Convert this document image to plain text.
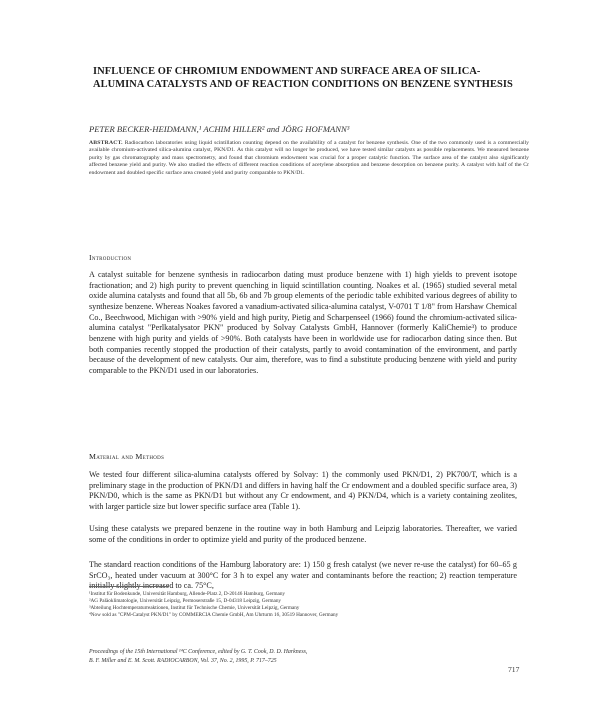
INFLUENCE OF CHROMIUM ENDOWMENT AND SURFACE AREA OF SILICA-ALUMINA CATALYSTS AND OF REACTION CONDITIONS ON BENZENE SYNTHESIS
PETER BECKER-HEIDMANN,¹ ACHIM HILLER² and JÖRG HOFMANN³
ABSTRACT. Radiocarbon laboratories using liquid scintillation counting depend on the availability of a catalyst for benzene synthesis. One of the two commonly used is a commercially available chromium-activated silica-alumina catalyst, PKN/D1. As this catalyst will no longer be produced, we have tested similar catalysts as possible replacements. We measured benzene purity by gas chromatography and mass spectrometry, and found that chromium endowment was crucial for a proper catalytic function. The surface area of the catalyst also significantly affected benzene yield and purity. We also studied the effects of different reaction conditions of acetylene absorption and benzene desorption on benzene purity. A catalyst with half of the Cr endowment and doubled specific surface area created yield and purity comparable to PKN/D1.
Introduction
A catalyst suitable for benzene synthesis in radiocarbon dating must produce benzene with 1) high yields to prevent isotope fractionation; and 2) high purity to prevent quenching in liquid scintillation counting. Noakes et al. (1965) studied several metal oxide alumina catalysts and found that all 5b, 6b and 7b group elements of the periodic table exhibited various degrees of ability to synthesize benzene. Whereas Noakes favored a vanadium-activated silica-alumina catalyst, V-0701 T 1/8" from Harshaw Chemical Co., Beechwood, Michigan with >90% yield and high purity, Pietig and Scharpenseel (1966) found the chromium-activated silica-alumina catalyst "Perlkatalysator PKN" produced by Solvay Catalysts GmbH, Hannover (formerly KaliChemie³) to produce benzene with high purity and yields of >90%. Both catalysts have been in worldwide use for radiocarbon dating since then. But both companies recently stopped the production of their catalysts, partly to avoid contamination of the environment, and partly because of the development of new catalysts. Our aim, therefore, was to find a substitute producing benzene with yield and purity comparable to the PKN/D1 used in our laboratories.
Material and Methods
We tested four different silica-alumina catalysts offered by Solvay: 1) the commonly used PKN/D1, 2) PK700/T, which is a preliminary stage in the production of PKN/D1 and differs in having half the Cr endowment and a doubled specific surface area, 3) PKN/D0, which is the same as PKN/D1 but without any Cr endowment, and 4) PKN/D4, which is a variety containing zeolites, with larger particle size but lower specific surface area (Table 1).
Using these catalysts we prepared benzene in the routine way in both Hamburg and Leipzig laboratories. Thereafter, we varied some of the conditions in order to optimize yield and purity of the produced benzene.
The standard reaction conditions of the Hamburg laboratory are: 1) 150 g fresh catalyst (we never re-use the catalyst) for 60–65 g SrCO₃, heated under vacuum at 300°C for 3 h to expel any water and contaminants before the reaction; 2) reaction temperature initially slightly increased to ca. 75°C,
¹Institut für Bodenkunde, Universität Hamburg, Allende-Platz 2, D-20146 Hamburg, Germany
²AG Paläoklimatologie, Universität Leipzig, Permoserstraße 15, D-04318 Leipzig, Germany
³Abteilung Hochtemperaturreaktionen, Institut für Technische Chemie, Universität Leipzig, Germany
⁴Now sold as "CPM-Catalyst PKN/D1" by COMMERCIA Chemie GmbH, Am Uhrturm 16, 30519 Hannover, Germany
Proceedings of the 15th International ¹⁴C Conference, edited by G. T. Cook, D. D. Harkness,
B. F. Miller and E. M. Scott. RADIOCARBON, Vol. 37, No. 2, 1995, P. 717–725
717
